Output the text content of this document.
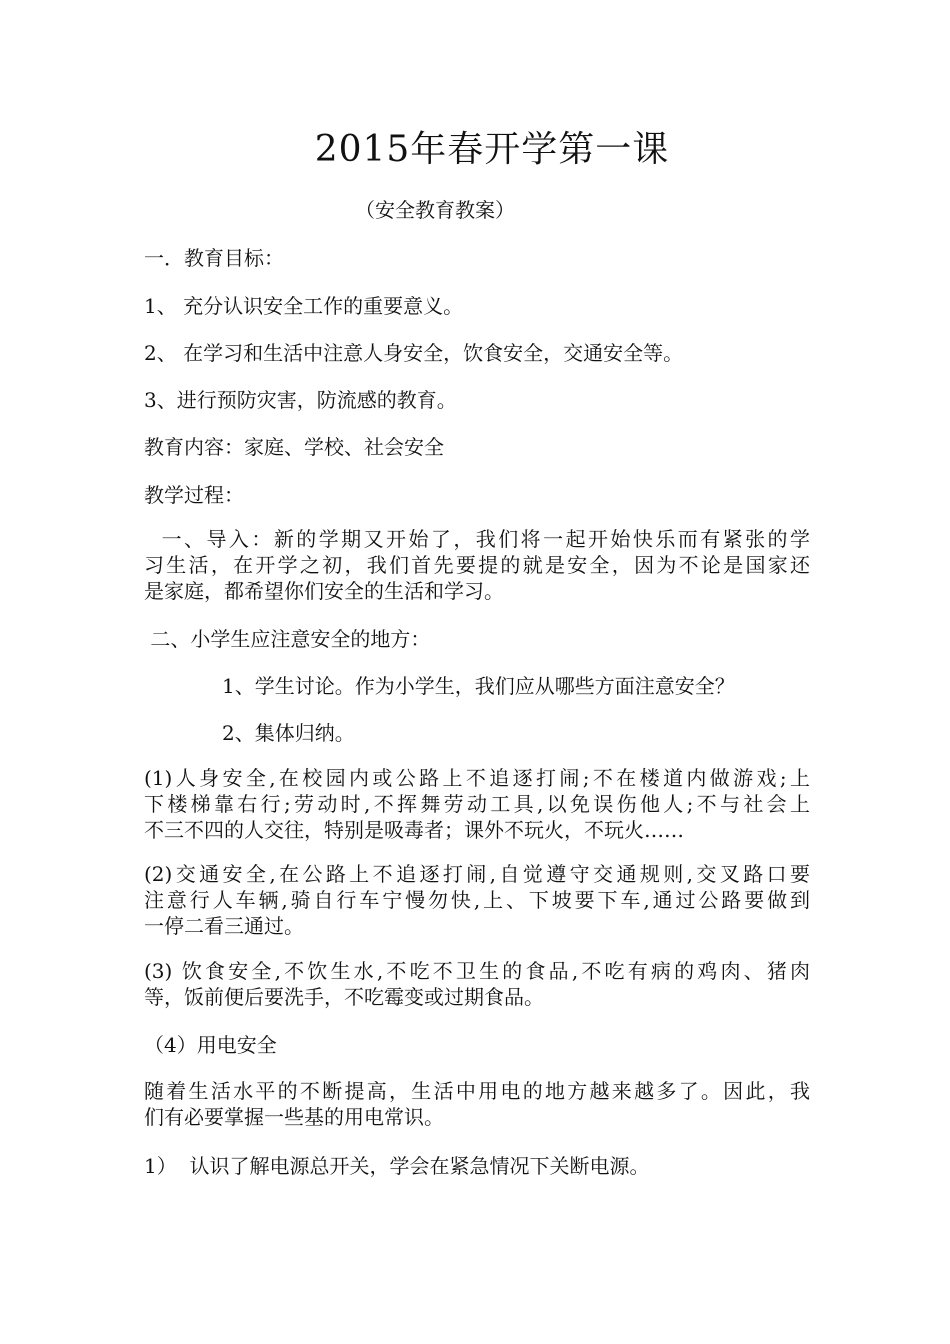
2015年春开学第一课
（安全教育教案）
一．教育目标：
1、 充分认识安全工作的重要意义。
2、 在学习和生活中注意人身安全，饮食安全，交通安全等。
3、进行预防灾害，防流感的教育。
教育内容：家庭、学校、社会安全
教学过程：
一、导入：新的学期又开始了，我们将一起开始快乐而有紧张的学
习生活，在开学之初，我们首先要提的就是安全，因为不论是国家还
是家庭，都希望你们安全的生活和学习。
二、小学生应注意安全的地方：
1、学生讨论。作为小学生，我们应从哪些方面注意安全？
2、集体归纳。
(1)人身安全,在校园内或公路上不追逐打闹;不在楼道内做游戏;上
下楼梯靠右行;劳动时,不挥舞劳动工具,以免误伤他人;不与社会上
不三不四的人交往，特别是吸毒者；课外不玩火，不玩火……
(2)交通安全,在公路上不追逐打闹,自觉遵守交通规则,交叉路口要
注意行人车辆,骑自行车宁慢勿快,上、下坡要下车,通过公路要做到
一停二看三通过。
(3) 饮食安全,不饮生水,不吃不卫生的食品,不吃有病的鸡肉、猪肉
等，饭前便后要洗手，不吃霉变或过期食品。
（4）用电安全
随着生活水平的不断提高，生活中用电的地方越来越多了。因此，我
们有必要掌握一些基的用电常识。
1）  认识了解电源总开关，学会在紧急情况下关断电源。
